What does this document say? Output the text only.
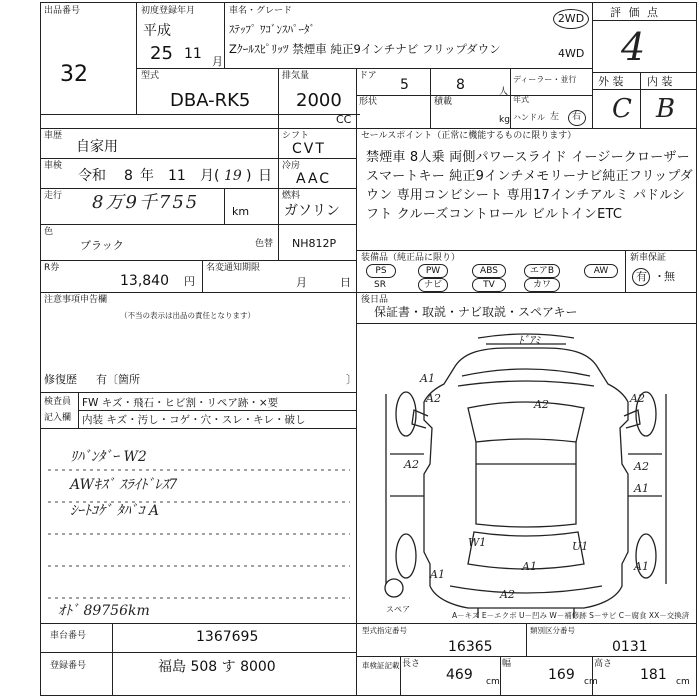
出品番号
32
初度登録年月
平成
25 11 月
車名・グレード
ｽﾃｯﾌﾟ ﾜｺﾞﾝｽﾊﾟｰﾀﾞ
Zｸｰﾙｽﾋﾟﾘｯﾂ 禁煙車 純正9インチナビ フリップダウン
2WD
4WD
評 価 点
4
外 装 内 装
C B
型式
DBA-RK5
排気量
2000
CC
ドア
5	8	人
形状	積載
kg
ディーラー・並行
年式
ハンドル 左 右
車歴
自家用
車検
令和 8 年 11 月 ( 19 ) 日
走行 8万9千755	km
シフト
CVT
冷房
AAC
燃料
ガソリン
色
ブラック	色替 NH812P
R券
13,840 円
名変通知期限
月	日
セールスポイント（正常に機能するものに限ります）
禁煙車 8人乗 両側パワースライド イージークローザー スマートキー 純正9インチメモリーナビ純正フリップダウン 専用コンビシート 専用17インチアルミ パドルシフト クルーズコントロール ビルトインETC
装備品（純正品に限り）	新車保証
有 ・ 無
PS	PW	ABS	エアB	AW
SR	ナビ	TV	カワ
後日品
保証書・取説・ナビ取説・スペアキー
注意事項申告欄
（不当の表示は出品の責任となります）
修復歴 有〔箇所	〕
検査員
記入欄
FW キズ・飛石・ヒビ割・リペア跡・×要
内装 キズ・汚し・コゲ・穴・スレ・キレ・破し
ﾘﾊﾞﾝﾀﾞｰ W2
AWｷｽﾞ ｽﾗｲﾄﾞﾚｽ7
ｼｰﾄｺｹﾞ ﾀﾊﾞｺ A
ｵﾄﾞ 89756km
ﾄﾞｱﾐ
A1
A2	A2	A2
A2	A2
A1
A1
A1
A1
A2
W1	U1
スペア
A－キズ E－エクボ U－凹み W－補修跡 S－サビ C－腐食 XX－交換済
車台番号	1367695
登録番号	福島 508 す 8000
型式指定番号
16365
類別区分番号
0131
車検証記載 長さ
469 cm
幅
169 cm
高さ
181 cm
